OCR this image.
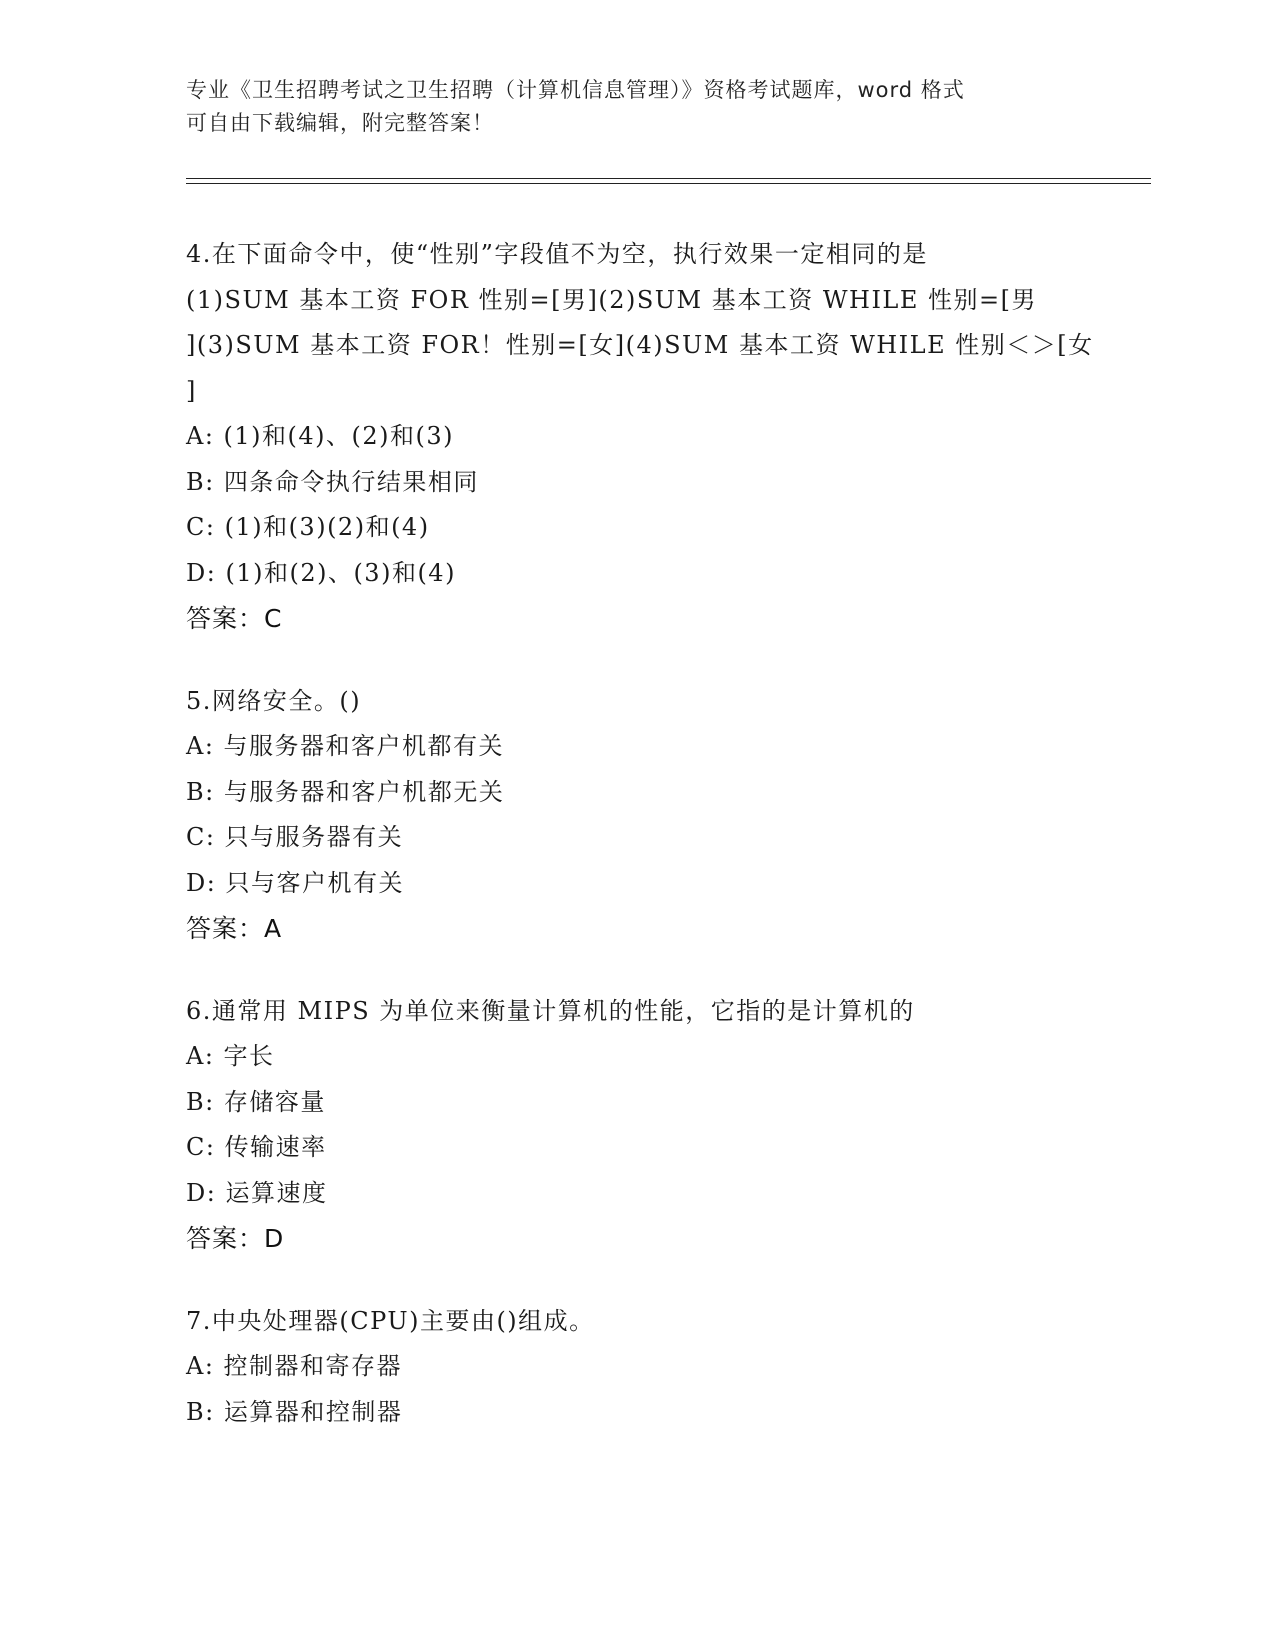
专业《卫生招聘考试之卫生招聘（计算机信息管理）》资格考试题库，word 格式
可自由下载编辑，附完整答案！
4.在下面命令中，使“性别”字段值不为空，执行效果一定相同的是
(1)SUM 基本工资 FOR 性别=[男](2)SUM 基本工资 WHILE 性别=[男
](3)SUM 基本工资 FOR！性别=[女](4)SUM 基本工资 WHILE 性别＜＞[女
]
A: (1)和(4)、(2)和(3)
B: 四条命令执行结果相同
C: (1)和(3)(2)和(4)
D: (1)和(2)、(3)和(4)
答案：C
5.网络安全。()
A: 与服务器和客户机都有关
B: 与服务器和客户机都无关
C: 只与服务器有关
D: 只与客户机有关
答案：A
6.通常用 MIPS 为单位来衡量计算机的性能，它指的是计算机的
A: 字长
B: 存储容量
C: 传输速率
D: 运算速度
答案：D
7.中央处理器(CPU)主要由()组成。
A: 控制器和寄存器
B: 运算器和控制器
